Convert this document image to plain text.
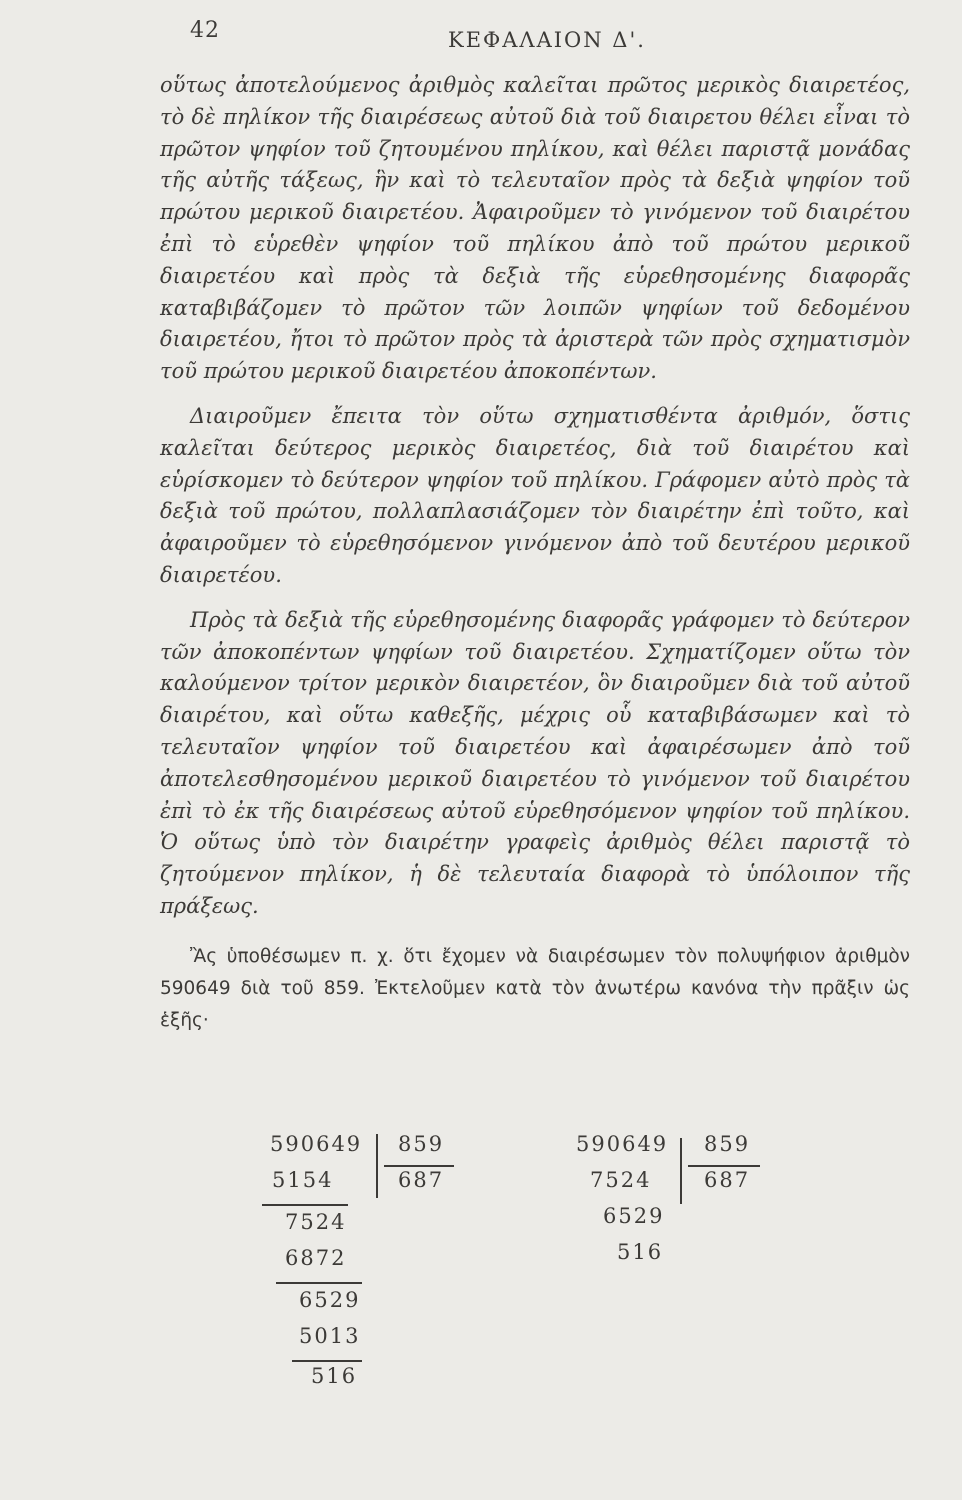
42	ΚΕΦΑΛΑΙΟΝ Δ'.

οὕτως ἀποτελούμενος ἀριθμὸς καλεῖται πρῶτος μερικὸς διαιρετέος, τὸ δὲ πηλίκον τῆς διαιρέσεως αὐτοῦ διὰ τοῦ διαιρετου θέλει εἶναι τὸ πρῶτον ψηφίον τοῦ ζητουμένου πηλίκου, καὶ θέλει παριστᾷ μονάδας τῆς αὐτῆς τάξεως, ἣν καὶ τὸ τελευταῖον πρὸς τὰ δεξιὰ ψηφίον τοῦ πρώτου μερικοῦ διαιρετέου. Ἀφαιροῦμεν τὸ γινόμενον τοῦ διαιρέτου ἐπὶ τὸ εὑρεθὲν ψηφίον τοῦ πηλίκου ἀπὸ τοῦ πρώτου μερικοῦ διαιρετέου καὶ πρὸς τὰ δεξιὰ τῆς εὑρεθησομένης διαφορᾶς καταβιβάζομεν τὸ πρῶτον τῶν λοιπῶν ψηφίων τοῦ δεδομένου διαιρετέου, ἤτοι τὸ πρῶτον πρὸς τὰ ἀριστερὰ τῶν πρὸς σχηματισμὸν τοῦ πρώτου μερικοῦ διαιρετέου ἀποκοπέντων.

Διαιροῦμεν ἔπειτα τὸν οὕτω σχηματισθέντα ἀριθμόν, ὅστις καλεῖται δεύτερος μερικὸς διαιρετέος, διὰ τοῦ διαιρέτου καὶ εὑρίσκομεν τὸ δεύτερον ψηφίον τοῦ πηλίκου. Γράφομεν αὐτὸ πρὸς τὰ δεξιὰ τοῦ πρώτου, πολλαπλασιάζομεν τὸν διαιρέτην ἐπὶ τοῦτο, καὶ ἀφαιροῦμεν τὸ εὑρεθησόμενον γινόμενον ἀπὸ τοῦ δευτέρου μερικοῦ διαιρετέου.

Πρὸς τὰ δεξιὰ τῆς εὑρεθησομένης διαφορᾶς γράφομεν τὸ δεύτερον τῶν ἀποκοπέντων ψηφίων τοῦ διαιρετέου. Σχηματίζομεν οὕτω τὸν καλούμενον τρίτον μερικὸν διαιρετέον, ὃν διαιροῦμεν διὰ τοῦ αὐτοῦ διαιρέτου, καὶ οὕτω καθεξῆς, μέχρις οὗ καταβιβάσωμεν καὶ τὸ τελευταῖον ψηφίον τοῦ διαιρετέου καὶ ἀφαιρέσωμεν ἀπὸ τοῦ ἀποτελεσθησομένου μερικοῦ διαιρετέου τὸ γινόμενον τοῦ διαιρέτου ἐπὶ τὸ ἐκ τῆς διαιρέσεως αὐτοῦ εὑρεθησόμενον ψηφίον τοῦ πηλίκου. Ὁ οὕτως ὑπὸ τὸν διαιρέτην γραφεὶς ἀριθμὸς θέλει παριστᾷ τὸ ζητούμενον πηλίκον, ἡ δὲ τελευταία διαφορὰ τὸ ὑπόλοιπον τῆς πράξεως.

Ἂς ὑποθέσωμεν π. χ. ὅτι ἔχομεν νὰ διαιρέσωμεν τὸν πολυψήφιον ἀριθμὸν 590649 διὰ τοῦ 859. Ἐκτελοῦμεν κατὰ τὸν ἀνωτέρω κανόνα τὴν πρᾶξιν ὡς ἑξῆς·

590649 859
687
5154
7524
6872
6529
5013
516
590649 859
687
7524
6529
516
